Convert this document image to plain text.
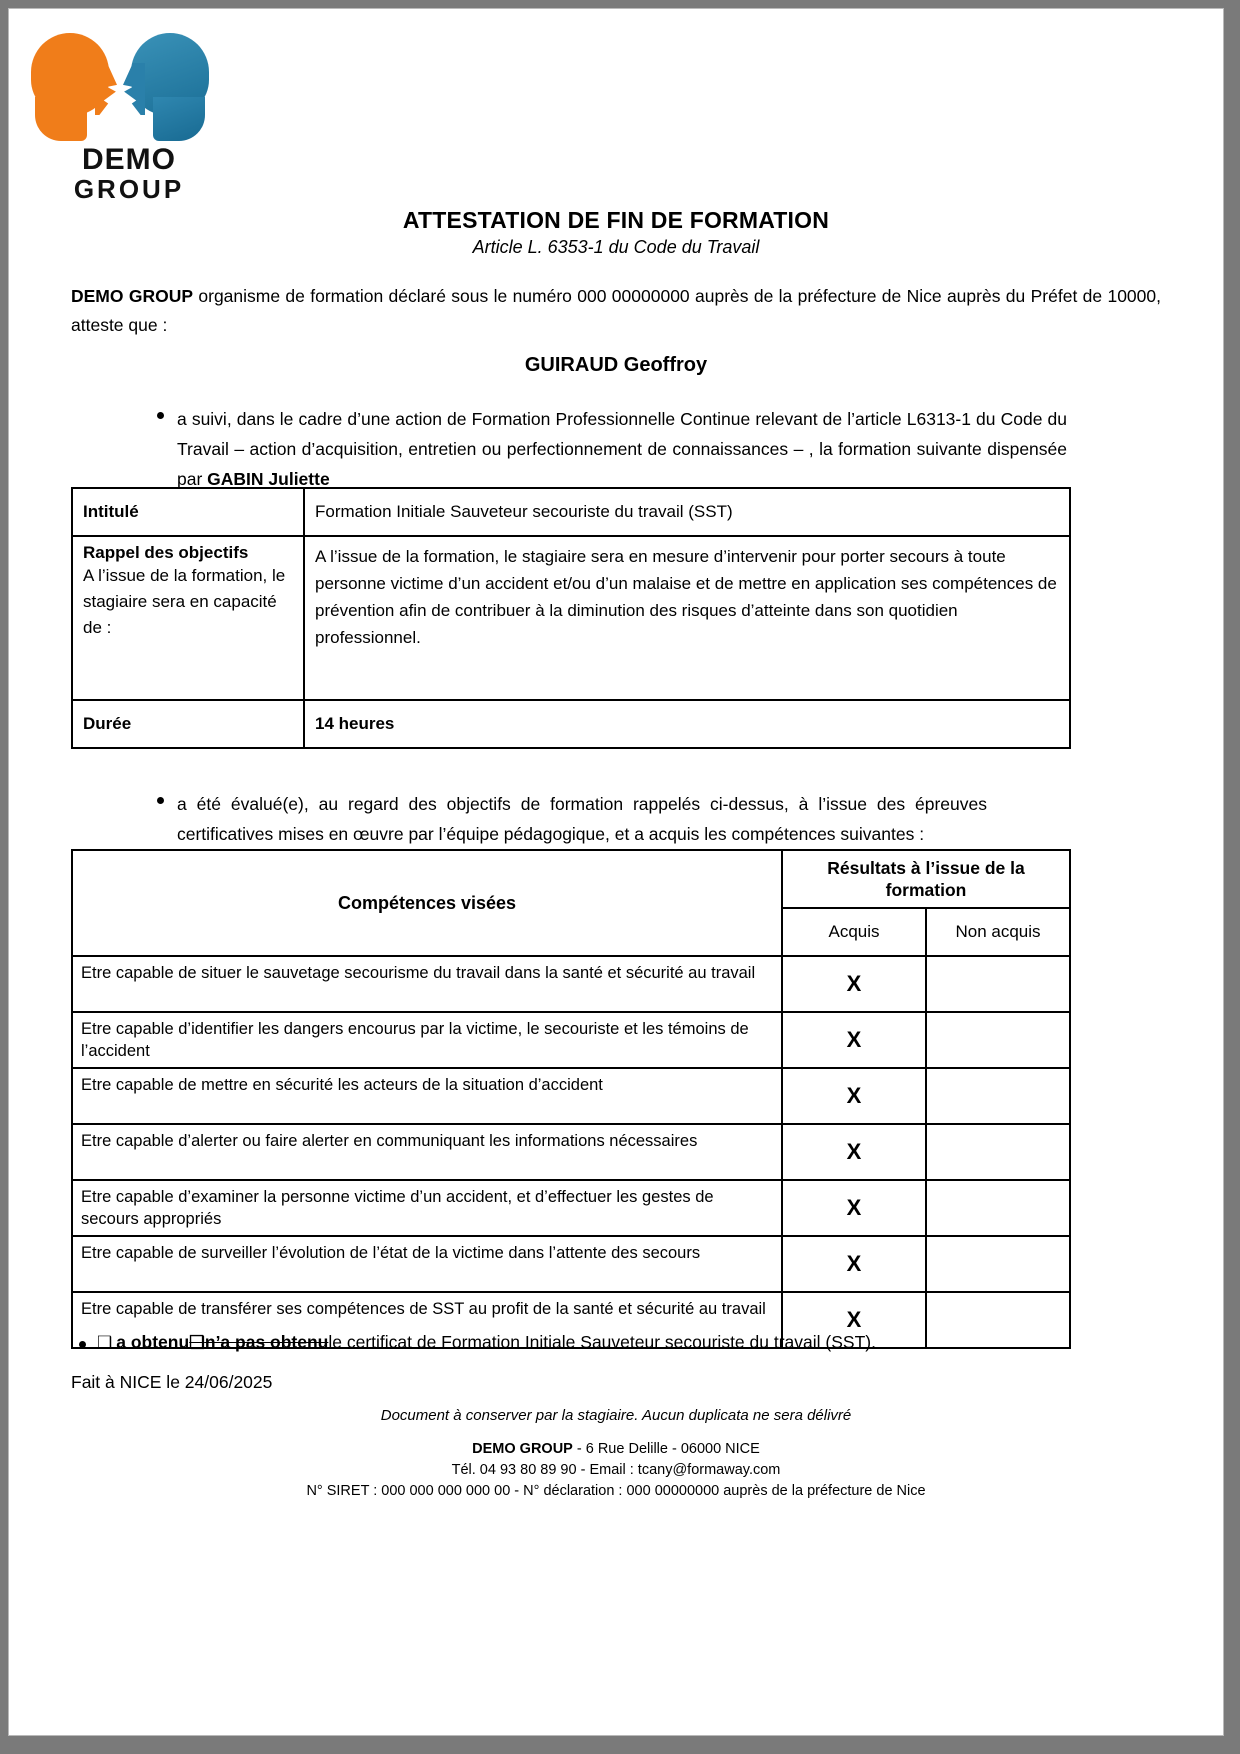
DEMO
GROUP
ATTESTATION DE FIN DE FORMATION
Article L. 6353-1 du Code du Travail
DEMO GROUP organisme de formation déclaré sous le numéro 000 00000000 auprès de la préfecture de Nice auprès du Préfet de 10000, atteste que :
GUIRAUD Geoffroy
a suivi, dans le cadre d’une action de Formation Professionnelle Continue relevant de l’article L6313-1 du Code du Travail – action d’acquisition, entretien ou perfectionnement de connaissances – , la formation suivante dispensée par GABIN Juliette
Intitulé	Formation Initiale Sauveteur secouriste du travail (SST)

Rappel des objectifs
A l’issue de la formation, le stagiaire sera en capacité de :	A l’issue de la formation, le stagiaire sera en mesure d’intervenir pour porter secours à toute personne victime d’un accident et/ou d’un malaise et de mettre en application ses compétences de prévention afin de contribuer à la diminution des risques d’atteinte dans son quotidien professionnel.
Durée	14 heures
a été évalué(e), au regard des objectifs de formation rappelés ci-dessus, à l’issue des épreuves certificatives mises en œuvre par l’équipe pédagogique, et a acquis les compétences suivantes :
Compétences visées	Résultats à l’issue de la formation	
	Acquis	Non acquis
Etre capable de situer le sauvetage secourisme du travail dans la santé et sécurité au travail	X	
Etre capable d’identifier les dangers encourus par la victime, le secouriste et les témoins de l’accident	X	
Etre capable de mettre en sécurité les acteurs de la situation d’accident	X	
Etre capable d’alerter ou faire alerter en communiquant les informations nécessaires	X	
Etre capable d’examiner la personne victime d’un accident, et d’effectuer les gestes de secours appropriés	X	
Etre capable de surveiller l’évolution de l’état de la victime dans l’attente des secours	X	
Etre capable de transférer ses compétences de SST au profit de la santé et sécurité au travail	X	
❑ a obtenu❑n’a pas obtenule certificat de Formation Initiale Sauveteur secouriste du travail (SST).
Fait à NICE le 24/06/2025
Document à conserver par la stagiaire. Aucun duplicata ne sera délivré
DEMO GROUP - 6 Rue Delille - 06000 NICE
Tél. 04 93 80 89 90 - Email : tcany@formaway.com
N° SIRET : 000 000 000 000 00 - N° déclaration : 000 00000000 auprès de la préfecture de Nice
